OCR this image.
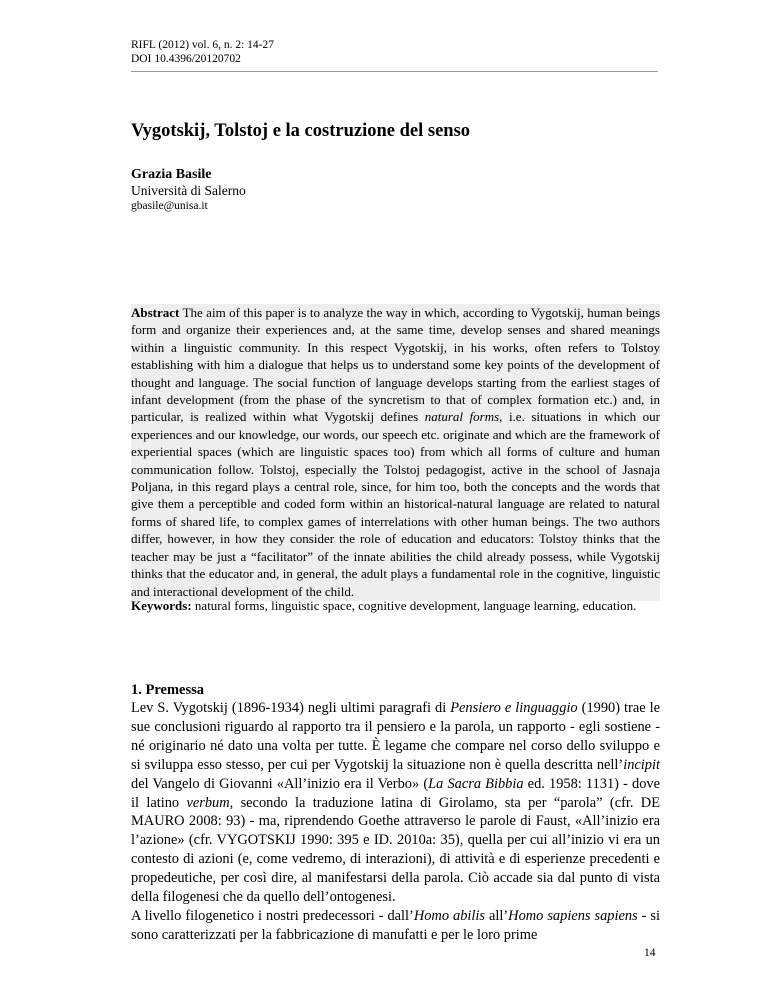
RIFL (2012) vol. 6, n. 2: 14-27
DOI 10.4396/20120702
Vygotskij, Tolstoj e la costruzione del senso
Grazia Basile
Università di Salerno
gbasile@unisa.it

Abstract The aim of this paper is to analyze the way in which, according to Vygotskij, human beings form and organize their experiences and, at the same time, develop senses and shared meanings within a linguistic community. In this respect Vygotskij, in his works, often refers to Tolstoy establishing with him a dialogue that helps us to understand some key points of the development of thought and language. The social function of language develops starting from the earliest stages of infant development (from the phase of the syncretism to that of complex formation etc.) and, in particular, is realized within what Vygotskij defines natural forms, i.e. situations in which our experiences and our knowledge, our words, our speech etc. originate and which are the framework of experiential spaces (which are linguistic spaces too) from which all forms of culture and human communication follow. Tolstoj, especially the Tolstoj pedagogist, active in the school of Jasnaja Poljana, in this regard plays a central role, since, for him too, both the concepts and the words that give them a perceptible and coded form within an historical-natural language are related to natural forms of shared life, to complex games of interrelations with other human beings. The two authors differ, however, in how they consider the role of education and educators: Tolstoy thinks that the teacher may be just a “facilitator” of the innate abilities the child already possess, while Vygotskij thinks that the educator and, in general, the adult plays a fundamental role in the cognitive, linguistic and interactional development of the child.

Keywords: natural forms, linguistic space, cognitive development, language learning, education.

1. Premessa
Lev S. Vygotskij (1896-1934) negli ultimi paragrafi di Pensiero e linguaggio (1990) trae le sue conclusioni riguardo al rapporto tra il pensiero e la parola, un rapporto - egli sostiene - né originario né dato una volta per tutte. È legame che compare nel corso dello sviluppo e si sviluppa esso stesso, per cui per Vygotskij la situazione non è quella descritta nell’incipit del Vangelo di Giovanni «All’inizio era il Verbo» (La Sacra Bibbia ed. 1958: 1131) - dove il latino verbum, secondo la traduzione latina di Girolamo, sta per “parola” (cfr. DE MAURO 2008: 93) - ma, riprendendo Goethe attraverso le parole di Faust, «All’inizio era l’azione» (cfr. VYGOTSKIJ 1990: 395 e ID. 2010a: 35), quella per cui all’inizio vi era un contesto di azioni (e, come vedremo, di interazioni), di attività e di esperienze precedenti e propedeutiche, per così dire, al manifestarsi della parola. Ciò accade sia dal punto di vista della filogenesi che da quello dell’ontogenesi.
A livello filogenetico i nostri predecessori - dall’Homo abilis all’Homo sapiens sapiens - si sono caratterizzati per la fabbricazione di manufatti e per le loro prime
14
